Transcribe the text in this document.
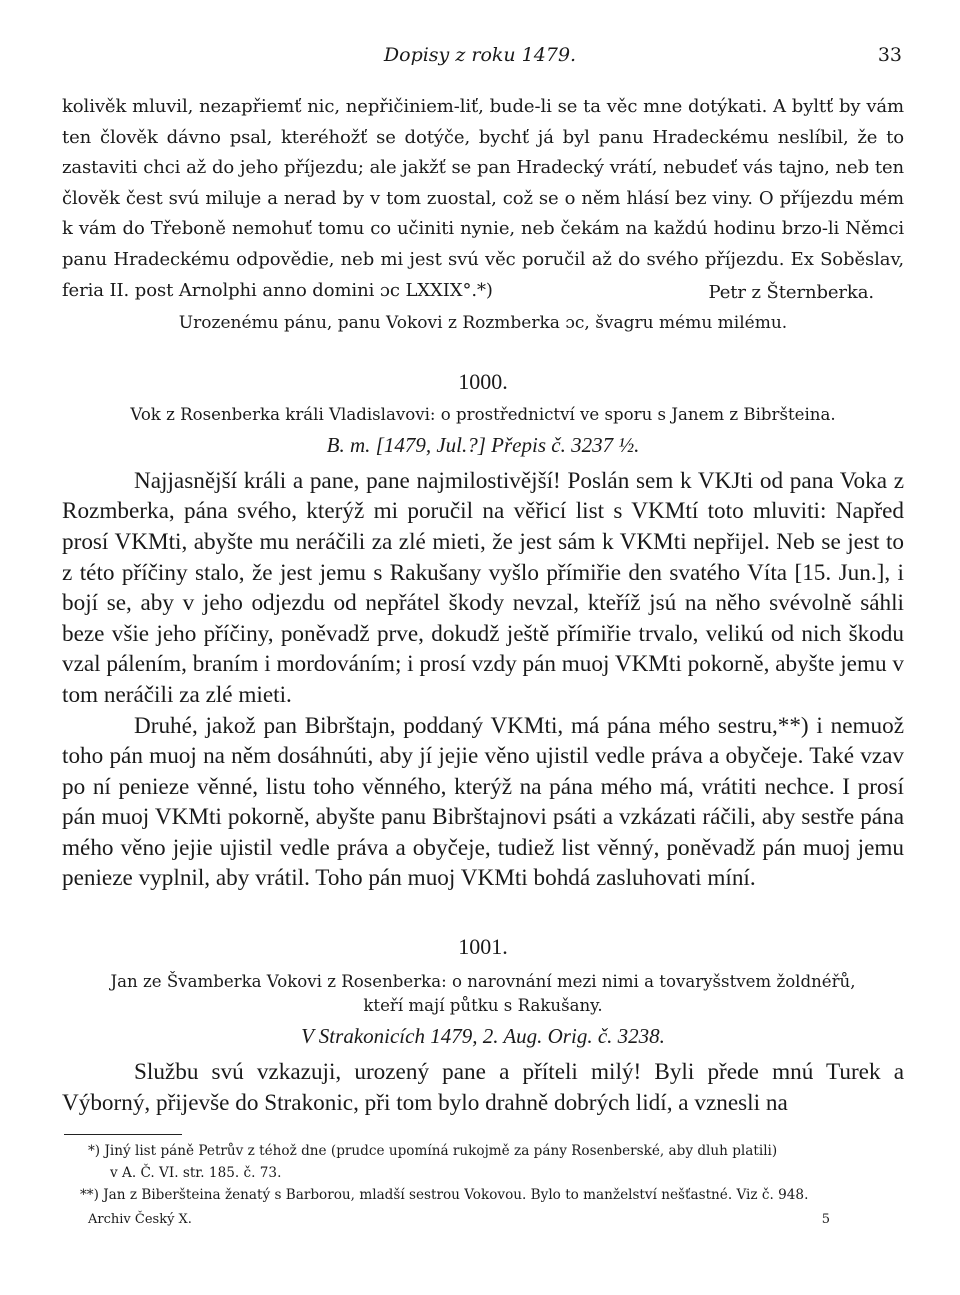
Dopisy z roku 1479.	33

kolivěk mluvil, nezapřiemť nic, nepřičiniem-liť, bude-li se ta věc mne dotýkati. A byltť by vám ten člověk dávno psal, kteréhožť se dotýče, bychť já byl panu Hradeckému neslíbil, že to zastaviti chci až do jeho příjezdu; ale jakžť se pan Hradecký vrátí, nebudeť vás tajno, neb ten člověk čest svú miluje a nerad by v tom zuostal, což se o něm hlásí bez viny. O příjezdu mém k vám do Třeboně nemohuť tomu co učiniti nynie, neb čekám na každú hodinu brzo-li Němci panu Hradeckému odpovědie, neb mi jest svú věc poručil až do svého příjezdu. Ex Soběslav, feria II. post Arnolphi anno domini ɔc LXXIX°.*)	Petr z Šternberka.

Urozenému pánu, panu Vokovi z Rozmberka ɔc, švagru mému milému.

1000.
Vok z Rosenberka králi Vladislavovi: o prostřednictví ve sporu s Janem z Bibršteina.
B. m. [1479, Jul.?] Přepis č. 3237 ½.

Najjasnější králi a pane, pane najmilostivější! Poslán sem k VKJti od pana Voka z Rozmberka, pána svého, kterýž mi poručil na věřicí list s VKMtí toto mluviti: Napřed prosí VKMti, abyšte mu neráčili za zlé mieti, že jest sám k VKMti nepřijel. Neb se jest to z této příčiny stalo, že jest jemu s Rakušany vyšlo přímiřie den svatého Víta [15. Jun.], i bojí se, aby v jeho odjezdu od nepřátel škody nevzal, kteříž jsú na něho svévolně sáhli beze všie jeho příčiny, poněvadž prve, dokudž ještě přímiřie trvalo, velikú od nich škodu vzal pálením, braním i mordováním; i prosí vzdy pán muoj VKMti pokorně, abyšte jemu v tom neráčili za zlé mieti.

Druhé, jakož pan Bibrštajn, poddaný VKMti, má pána mého sestru,**) i nemuož toho pán muoj na něm dosáhnúti, aby jí jejie věno ujistil vedle práva a obyčeje. Také vzav po ní penieze věnné, listu toho věnného, kterýž na pána mého má, vrátiti nechce. I prosí pán muoj VKMti pokorně, abyšte panu Bibrštajnovi psáti a vzkázati ráčili, aby sestře pána mého věno jejie ujistil vedle práva a obyčeje, tudiež list věnný, poněvadž pán muoj jemu penieze vyplnil, aby vrátil. Toho pán muoj VKMti bohdá zasluhovati míní.

1001.
Jan ze Švamberka Vokovi z Rosenberka: o narovnání mezi nimi a tovaryšstvem žoldnéřů,
kteří mají půtku s Rakušany.
V Strakonicích 1479, 2. Aug. Orig. č. 3238.

Službu svú vzkazuji, urozený pane a příteli milý! Byli přede mnú Turek a Výborný, přijevše do Strakonic, při tom bylo drahně dobrých lidí, a vznesli na

*) Jiný list páně Petrův z téhož dne (prudce upomíná rukojmě za pány Rosenberské, aby dluh platili)
v A. Č. VI. str. 185. č. 73.
**) Jan z Biberšteina ženatý s Barborou, mladší sestrou Vokovou. Bylo to manželství nešťastné. Viz č. 948.
Archiv Český X.	5
